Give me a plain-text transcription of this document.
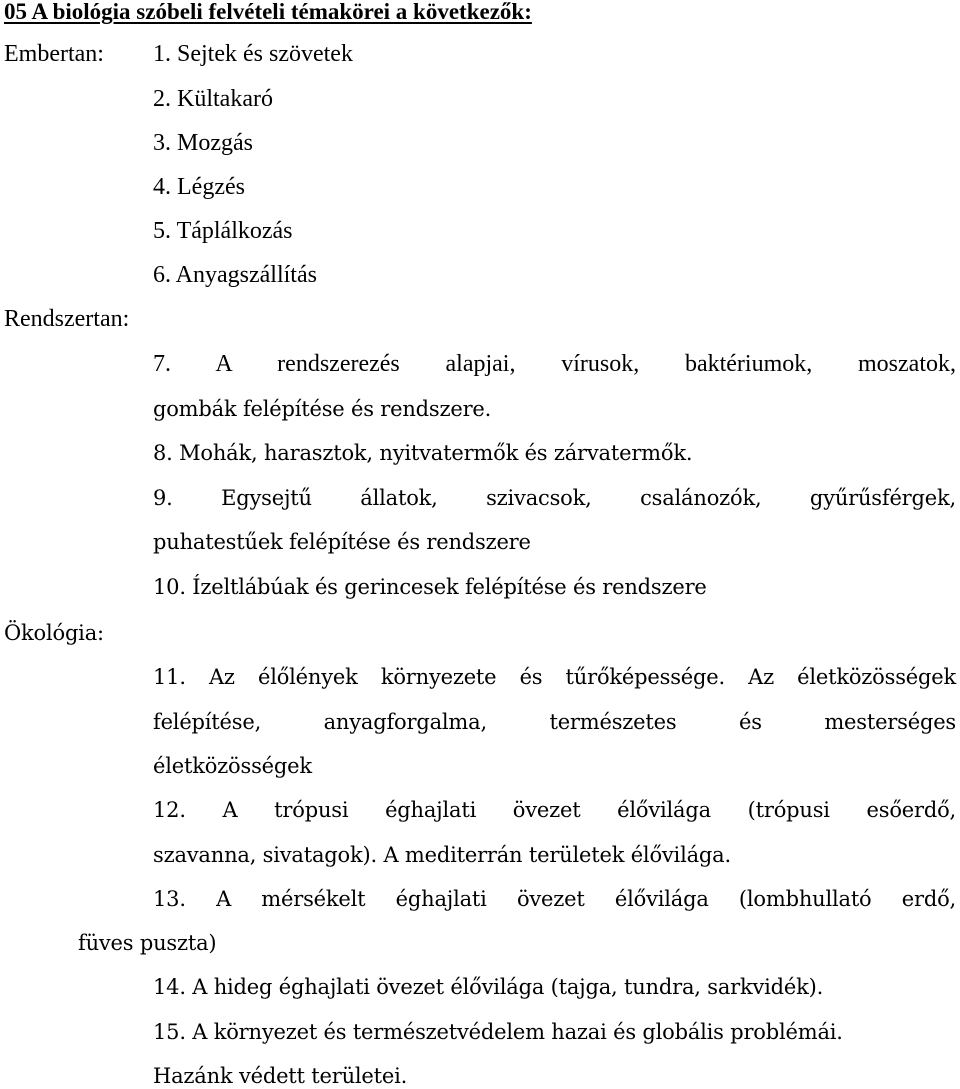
05 A biológia szóbeli felvételi témakörei a következők:
Embertan: 1. Sejtek és szövetek
2. Kültakaró
3. Mozgás
4. Légzés
5. Táplálkozás
6. Anyagszállítás
Rendszertan:
7. A rendszerezés alapjai, vírusok, baktériumok, moszatok,
gombák felépítése és rendszere.
8. Mohák, harasztok, nyitvatermők és zárvatermők.
9. Egysejtű állatok, szivacsok, csalánozók, gyűrűsférgek,
puhatestűek felépítése és rendszere
10. Ízeltlábúak és gerincesek felépítése és rendszere
Ökológia:
11. Az élőlények környezete és tűrőképessége. Az életközösségek
felépítése, anyagforgalma, természetes és mesterséges
életközösségek
12. A trópusi éghajlati övezet élővilága (trópusi esőerdő,
szavanna, sivatagok). A mediterrán területek élővilága.
13. A mérsékelt éghajlati övezet élővilága (lombhullató erdő,
füves puszta)
14. A hideg éghajlati övezet élővilága (tajga, tundra, sarkvidék).
15. A környezet és természetvédelem hazai és globális problémái.
Hazánk védett területei.
